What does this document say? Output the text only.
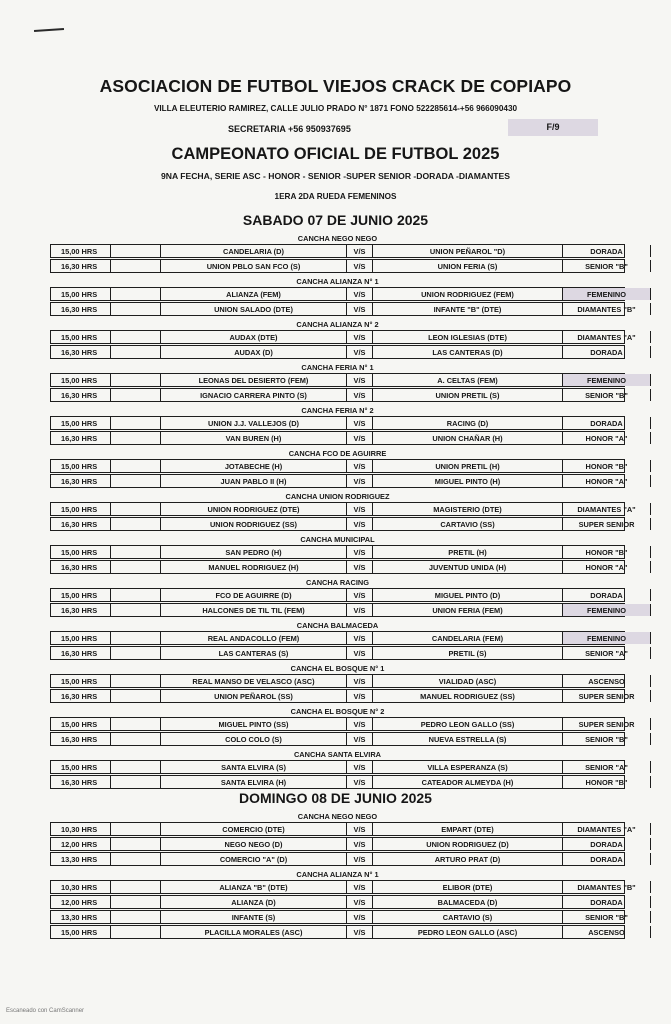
ASOCIACION DE FUTBOL VIEJOS CRACK DE COPIAPO
VILLA ELEUTERIO RAMIREZ, CALLE JULIO PRADO N° 1871 FONO 522285614-+56 966090430
SECRETARIA +56 950937695	F/9
CAMPEONATO OFICIAL DE FUTBOL 2025
9NA FECHA, SERIE ASC - HONOR - SENIOR -SUPER SENIOR -DORADA -DIAMANTES
1ERA 2DA RUEDA FEMENINOS
SABADO 07 DE JUNIO 2025
CANCHA NEGO NEGO
15,00 HRS	CANDELARIA (D)	V/S	UNION PEÑAROL "D)	DORADA
16,30 HRS	UNION PBLO SAN FCO (S)	V/S	UNION FERIA (S)	SENIOR "B"
CANCHA ALIANZA N° 1
15,00 HRS	ALIANZA (FEM)	V/S	UNION RODRIGUEZ (FEM)	FEMENINO
16,30 HRS	UNION SALADO (DTE)	V/S	INFANTE "B" (DTE)	DIAMANTES "B"
CANCHA ALIANZA N° 2
15,00 HRS	AUDAX (DTE)	V/S	LEON IGLESIAS (DTE)	DIAMANTES "A"
16,30 HRS	AUDAX (D)	V/S	LAS CANTERAS (D)	DORADA
CANCHA FERIA N° 1
15,00 HRS	LEONAS DEL DESIERTO (FEM)	V/S	A. CELTAS (FEM)	FEMENINO
16,30 HRS	IGNACIO CARRERA PINTO (S)	V/S	UNION PRETIL (S)	SENIOR "B"
CANCHA FERIA N° 2
15,00 HRS	UNION J.J. VALLEJOS (D)	V/S	RACING (D)	DORADA
16,30 HRS	VAN BUREN (H)	V/S	UNION CHAÑAR (H)	HONOR "A"
CANCHA FCO DE AGUIRRE
15,00 HRS	JOTABECHE (H)	V/S	UNION PRETIL (H)	HONOR "B"
16,30 HRS	JUAN PABLO II (H)	V/S	MIGUEL PINTO (H)	HONOR "A"
CANCHA UNION RODRIGUEZ
15,00 HRS	UNION RODRIGUEZ (DTE)	V/S	MAGISTERIO (DTE)	DIAMANTES "A"
16,30 HRS	UNION RODRIGUEZ (SS)	V/S	CARTAVIO (SS)	SUPER SENIOR
CANCHA MUNICIPAL
15,00 HRS	SAN PEDRO (H)	V/S	PRETIL (H)	HONOR "B"
16,30 HRS	MANUEL RODRIGUEZ (H)	V/S	JUVENTUD UNIDA (H)	HONOR "A"
CANCHA RACING
15,00 HRS	FCO DE AGUIRRE (D)	V/S	MIGUEL PINTO (D)	DORADA
16,30 HRS	HALCONES DE TIL TIL (FEM)	V/S	UNION FERIA (FEM)	FEMENINO
CANCHA BALMACEDA
15,00 HRS	REAL ANDACOLLO (FEM)	V/S	CANDELARIA (FEM)	FEMENINO
16,30 HRS	LAS CANTERAS (S)	V/S	PRETIL (S)	SENIOR "A"
CANCHA EL BOSQUE N° 1
15,00 HRS	REAL MANSO DE VELASCO (ASC)	V/S	VIALIDAD (ASC)	ASCENSO
16,30 HRS	UNION PEÑAROL (SS)	V/S	MANUEL RODRIGUEZ (SS)	SUPER SENIOR
CANCHA EL BOSQUE N° 2
15,00 HRS	MIGUEL PINTO (SS)	V/S	PEDRO LEON GALLO (SS)	SUPER SENIOR
16,30 HRS	COLO COLO (S)	V/S	NUEVA ESTRELLA (S)	SENIOR "B"
CANCHA SANTA ELVIRA
15,00 HRS	SANTA ELVIRA (S)	V/S	VILLA ESPERANZA (S)	SENIOR "A"
16,30 HRS	SANTA ELVIRA (H)	V/S	CATEADOR ALMEYDA (H)	HONOR "B"
DOMINGO 08 DE JUNIO 2025
CANCHA NEGO NEGO
10,30 HRS	COMERCIO (DTE)	V/S	EMPART (DTE)	DIAMANTES "A"
12,00 HRS	NEGO NEGO (D)	V/S	UNION RODRIGUEZ (D)	DORADA
13,30 HRS	COMERCIO "A" (D)	V/S	ARTURO PRAT (D)	DORADA
CANCHA ALIANZA N° 1
10,30 HRS	ALIANZA "B" (DTE)	V/S	ELIBOR (DTE)	DIAMANTES "B"
12,00 HRS	ALIANZA (D)	V/S	BALMACEDA (D)	DORADA
13,30 HRS	INFANTE (S)	V/S	CARTAVIO (S)	SENIOR "B"
15,00 HRS	PLACILLA MORALES (ASC)	V/S	PEDRO LEON GALLO (ASC)	ASCENSO
Escaneado con CamScanner
